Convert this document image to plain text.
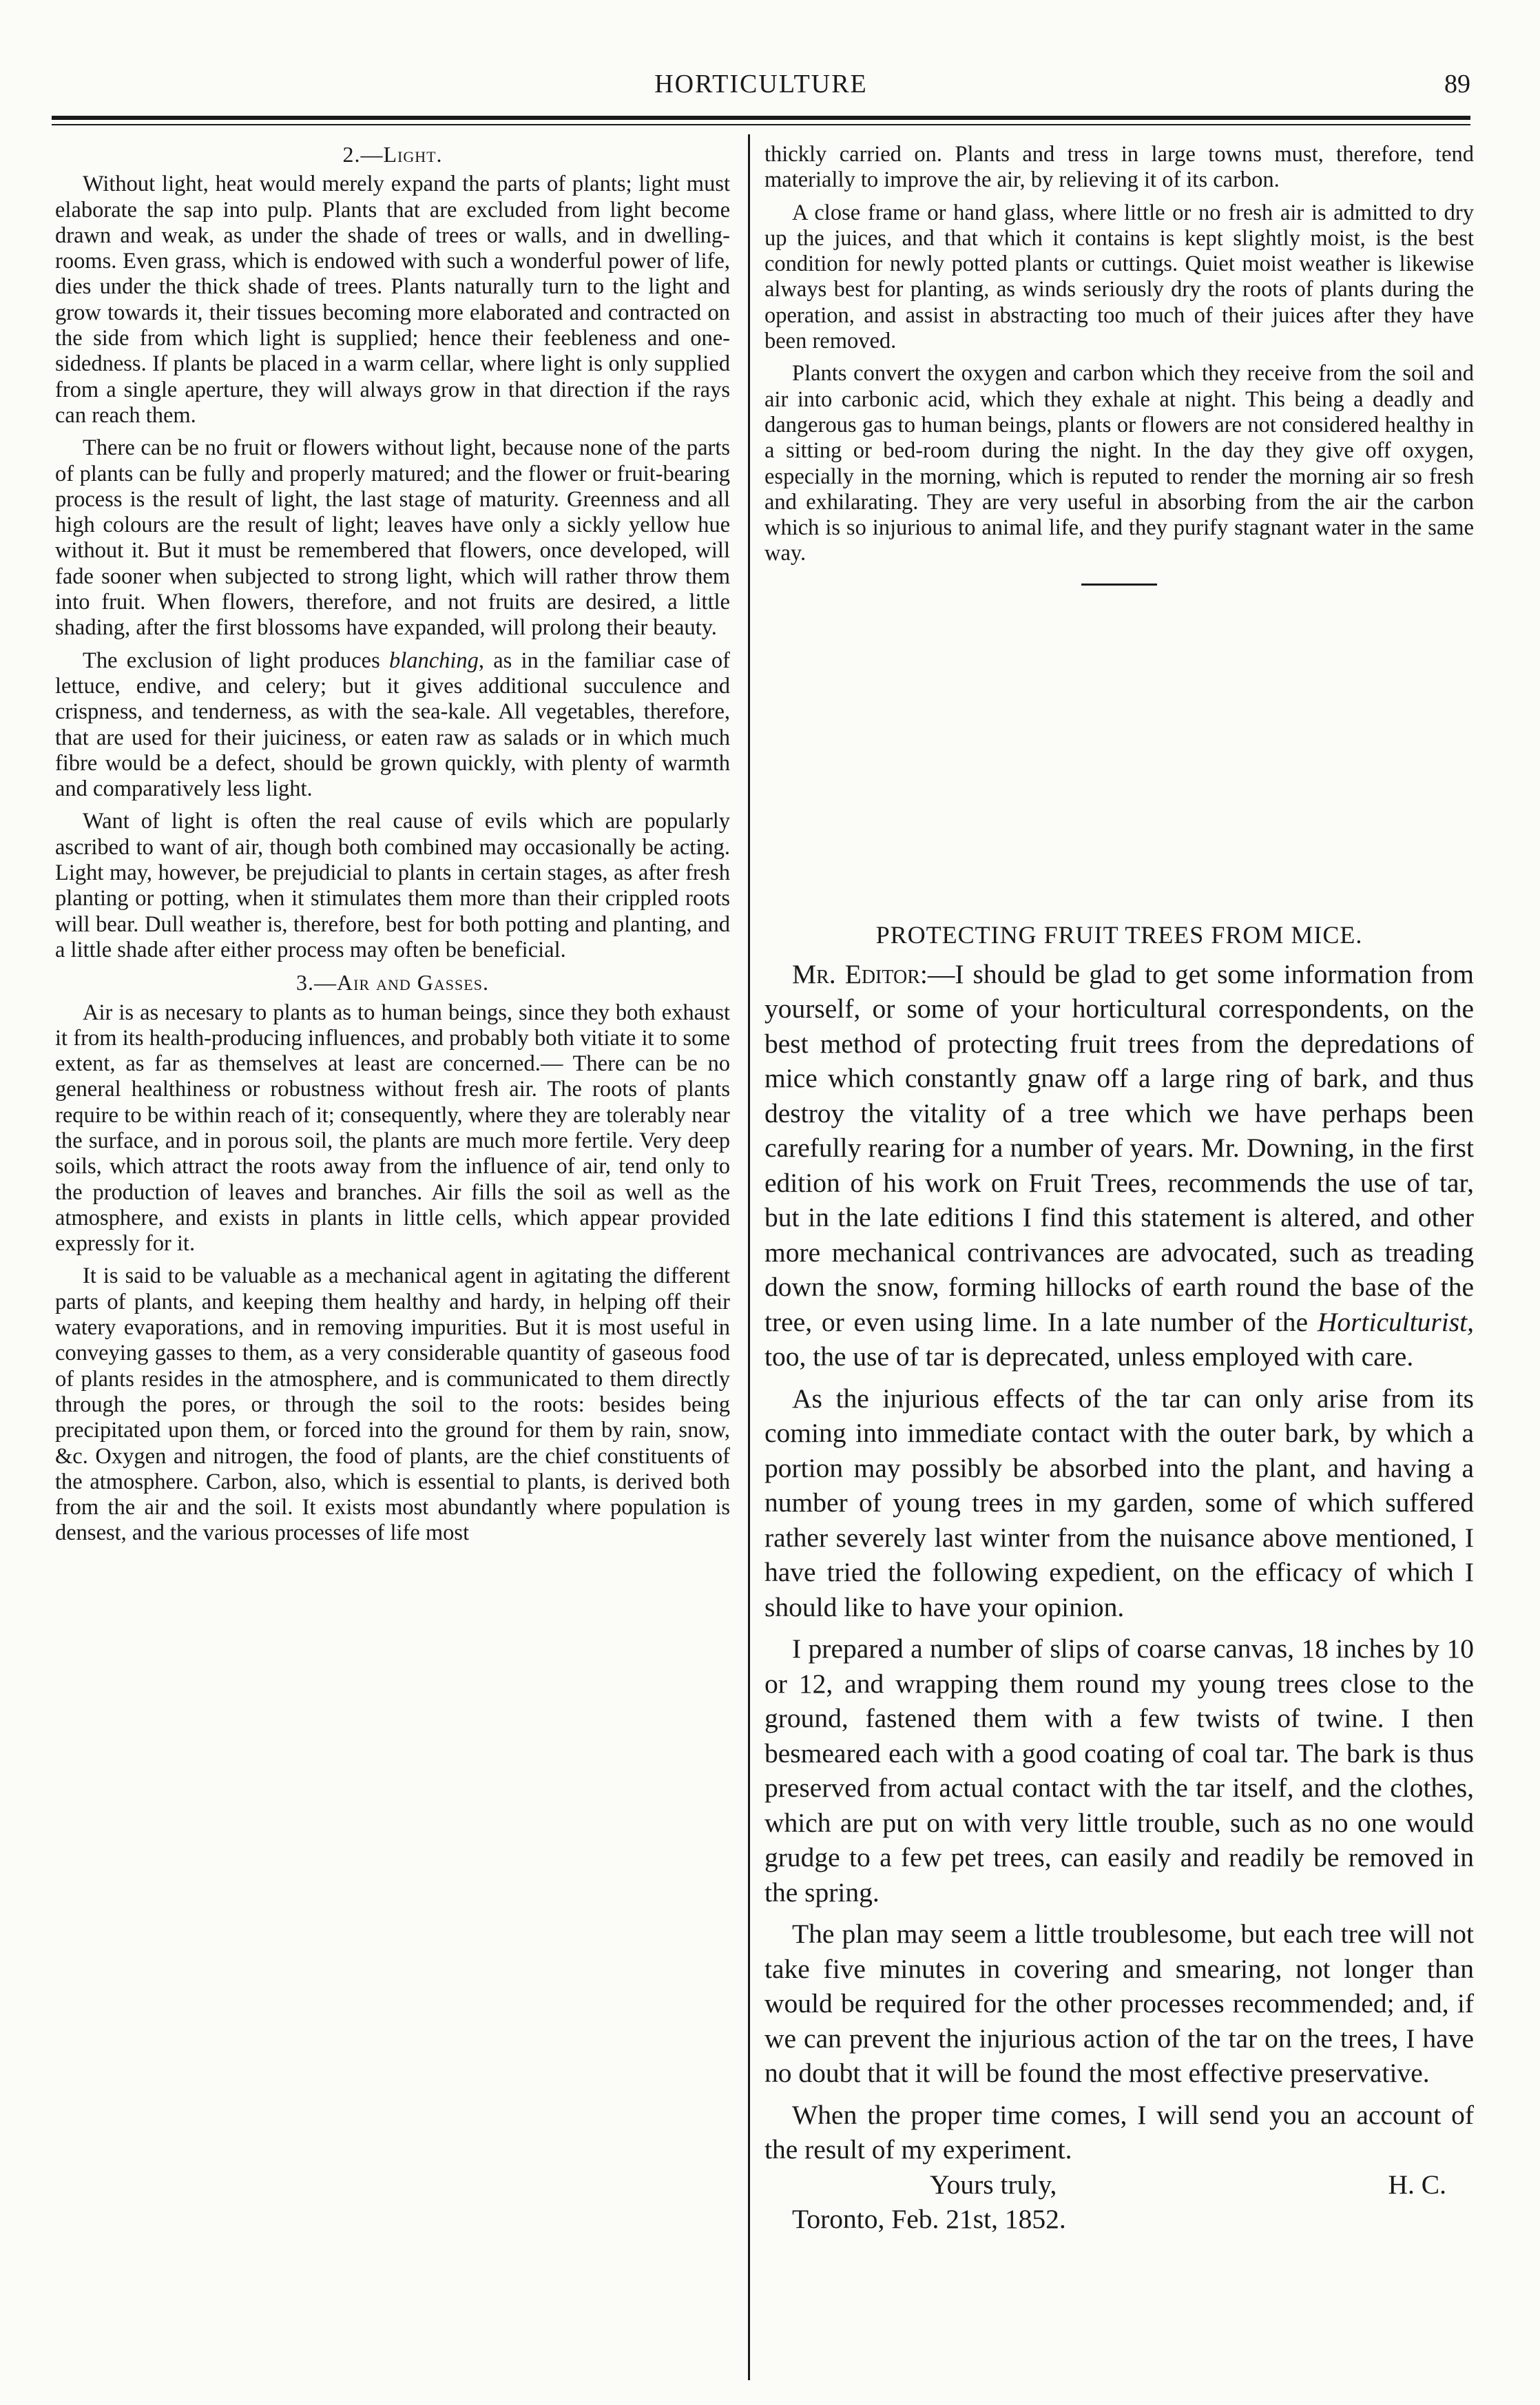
HORTICULTURE	89
2.—Light.

Without light, heat would merely expand the parts of plants; light must elaborate the sap into pulp. Plants that are excluded from light become drawn and weak, as under the shade of trees or walls, and in dwelling-rooms. Even grass, which is endowed with such a wonderful power of life, dies under the thick shade of trees. Plants naturally turn to the light and grow towards it, their tissues becoming more elaborated and contracted on the side from which light is supplied; hence their feebleness and one-sidedness. If plants be placed in a warm cellar, where light is only supplied from a single aperture, they will always grow in that direction if the rays can reach them.

There can be no fruit or flowers without light, because none of the parts of plants can be fully and properly matured; and the flower or fruit-bearing process is the result of light, the last stage of maturity. Greenness and all high colours are the result of light; leaves have only a sickly yellow hue without it. But it must be remembered that flowers, once developed, will fade sooner when subjected to strong light, which will rather throw them into fruit. When flowers, therefore, and not fruits are desired, a little shading, after the first blossoms have expanded, will prolong their beauty.

The exclusion of light produces blanching, as in the familiar case of lettuce, endive, and celery; but it gives additional succulence and crispness, and tenderness, as with the sea-kale. All vegetables, therefore, that are used for their juiciness, or eaten raw as salads or in which much fibre would be a defect, should be grown quickly, with plenty of warmth and comparatively less light.

Want of light is often the real cause of evils which are popularly ascribed to want of air, though both combined may occasionally be acting. Light may, however, be prejudicial to plants in certain stages, as after fresh planting or potting, when it stimulates them more than their crippled roots will bear. Dull weather is, therefore, best for both potting and planting, and a little shade after either process may often be beneficial.

3.—Air and Gasses.

Air is as necesary to plants as to human beings, since they both exhaust it from its health-producing influences, and probably both vitiate it to some extent, as far as themselves at least are concerned.— There can be no general healthiness or robustness without fresh air. The roots of plants require to be within reach of it; consequently, where they are tolerably near the surface, and in porous soil, the plants are much more fertile. Very deep soils, which attract the roots away from the influence of air, tend only to the production of leaves and branches. Air fills the soil as well as the atmosphere, and exists in plants in little cells, which appear provided expressly for it.

It is said to be valuable as a mechanical agent in agitating the different parts of plants, and keeping them healthy and hardy, in helping off their watery evaporations, and in removing impurities. But it is most useful in conveying gasses to them, as a very considerable quantity of gaseous food of plants resides in the atmosphere, and is communicated to them directly through the pores, or through the soil to the roots: besides being precipitated upon them, or forced into the ground for them by rain, snow, &c. Oxygen and nitrogen, the food of plants, are the chief constituents of the atmosphere. Carbon, also, which is essential to plants, is derived both from the air and the soil. It exists most abundantly where population is densest, and the various processes of life most

thickly carried on. Plants and tress in large towns must, therefore, tend materially to improve the air, by relieving it of its carbon.

A close frame or hand glass, where little or no fresh air is admitted to dry up the juices, and that which it contains is kept slightly moist, is the best condition for newly potted plants or cuttings. Quiet moist weather is likewise always best for planting, as winds seriously dry the roots of plants during the operation, and assist in abstracting too much of their juices after they have been removed.

Plants convert the oxygen and carbon which they receive from the soil and air into carbonic acid, which they exhale at night. This being a deadly and dangerous gas to human beings, plants or flowers are not considered healthy in a sitting or bed-room during the night. In the day they give off oxygen, especially in the morning, which is reputed to render the morning air so fresh and exhilarating. They are very useful in absorbing from the air the carbon which is so injurious to animal life, and they purify stagnant water in the same way.

PROTECTING FRUIT TREES FROM MICE.

Mr. Editor:—I should be glad to get some information from yourself, or some of your horticultural correspondents, on the best method of protecting fruit trees from the depredations of mice which constantly gnaw off a large ring of bark, and thus destroy the vitality of a tree which we have perhaps been carefully rearing for a number of years. Mr. Downing, in the first edition of his work on Fruit Trees, recommends the use of tar, but in the late editions I find this statement is altered, and other more mechanical contrivances are advocated, such as treading down the snow, forming hillocks of earth round the base of the tree, or even using lime. In a late number of the Horticulturist, too, the use of tar is deprecated, unless employed with care.

As the injurious effects of the tar can only arise from its coming into immediate contact with the outer bark, by which a portion may possibly be absorbed into the plant, and having a number of young trees in my garden, some of which suffered rather severely last winter from the nuisance above mentioned, I have tried the following expedient, on the efficacy of which I should like to have your opinion.

I prepared a number of slips of coarse canvas, 18 inches by 10 or 12, and wrapping them round my young trees close to the ground, fastened them with a few twists of twine. I then besmeared each with a good coating of coal tar. The bark is thus preserved from actual contact with the tar itself, and the clothes, which are put on with very little trouble, such as no one would grudge to a few pet trees, can easily and readily be removed in the spring.

The plan may seem a little troublesome, but each tree will not take five minutes in covering and smearing, not longer than would be required for the other processes recommended; and, if we can prevent the injurious action of the tar on the trees, I have no doubt that it will be found the most effective preservative.

When the proper time comes, I will send you an account of the result of my experiment.

Yours truly,	H. C.
Toronto, Feb. 21st, 1852.
